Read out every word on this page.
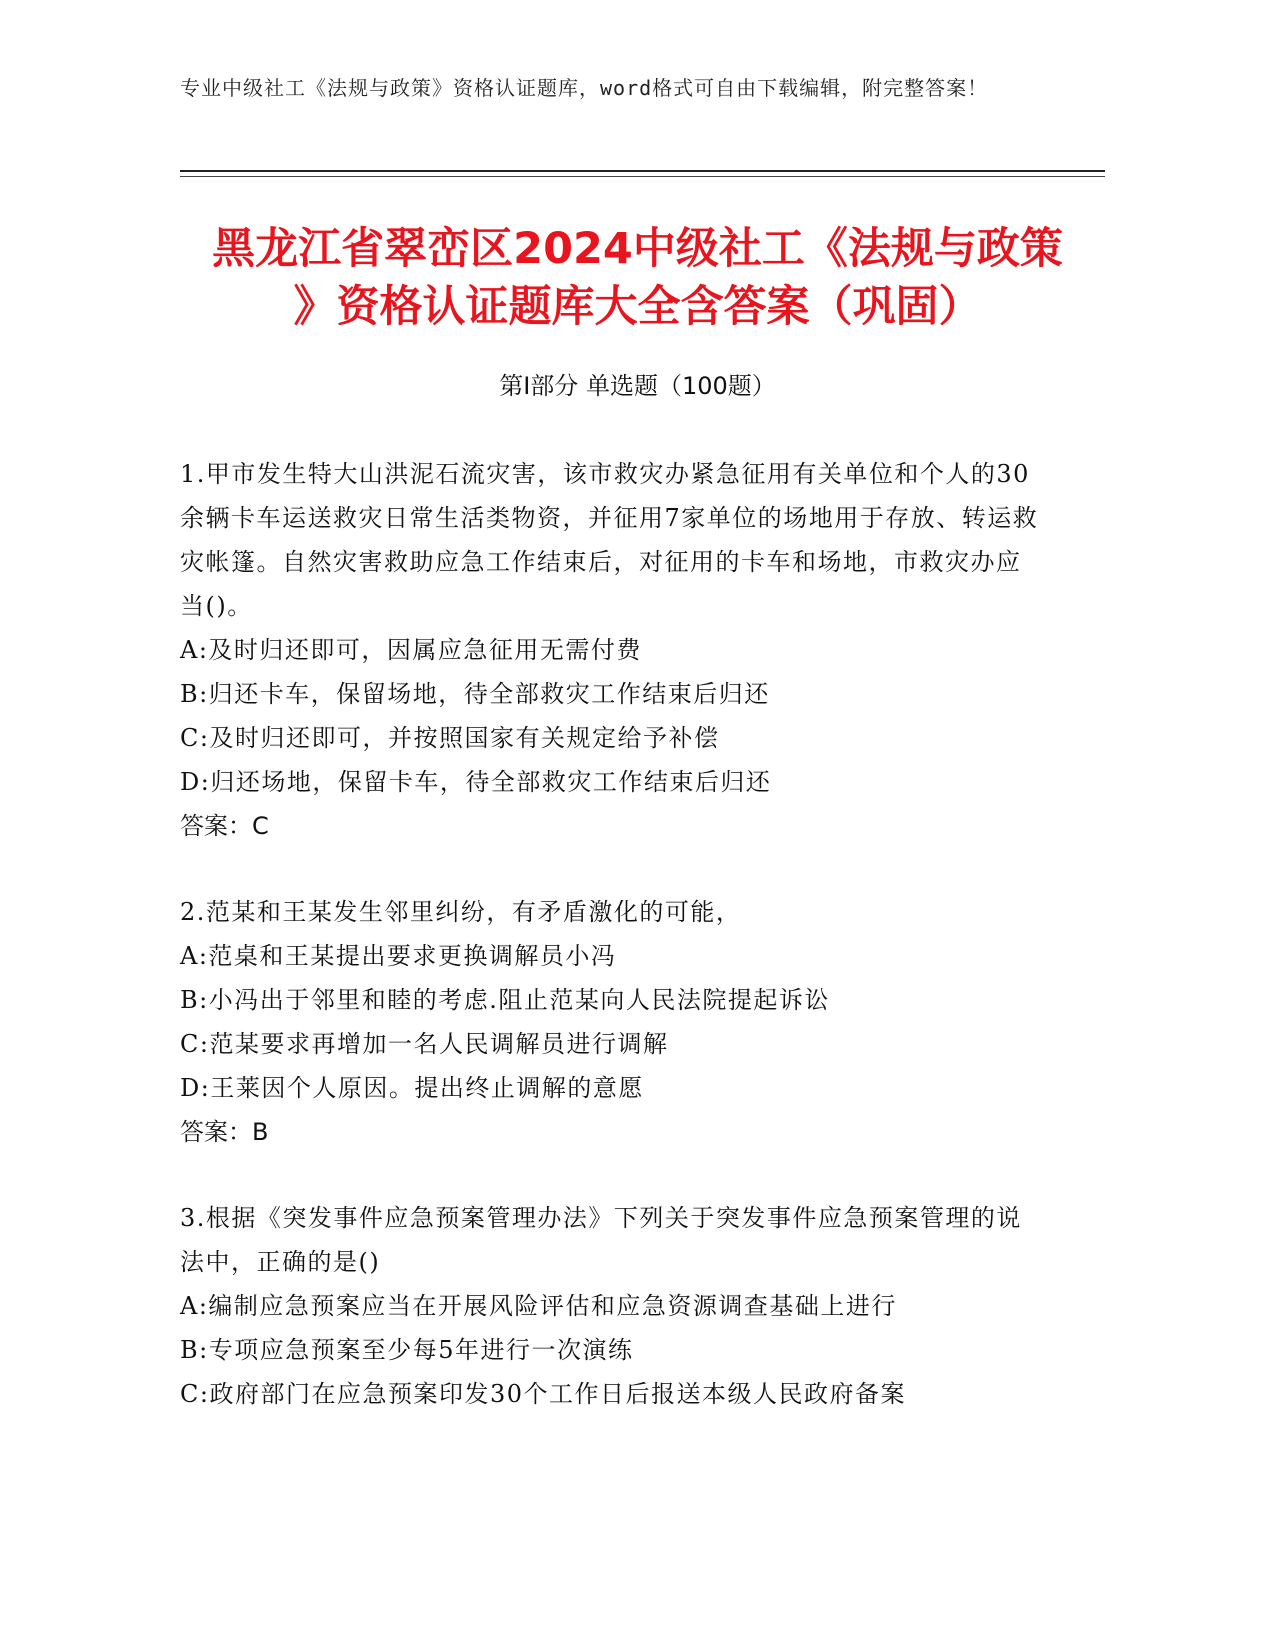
专业中级社工《法规与政策》资格认证题库，word格式可自由下载编辑，附完整答案！
黑龙江省翠峦区2024中级社工《法规与政策
》资格认证题库大全含答案（巩固）
第Ⅰ部分 单选题（100题）
1.甲市发生特大山洪泥石流灾害，该市救灾办紧急征用有关单位和个人的30余辆卡车运送救灾日常生活类物资，并征用7家单位的场地用于存放、转运救灾帐篷。自然灾害救助应急工作结束后，对征用的卡车和场地，市救灾办应当()。
A:及时归还即可，因属应急征用无需付费
B:归还卡车，保留场地，待全部救灾工作结束后归还
C:及时归还即可，并按照国家有关规定给予补偿
D:归还场地，保留卡车，待全部救灾工作结束后归还
答案：C
2.范某和王某发生邻里纠纷，有矛盾激化的可能，
A:范桌和王某提出要求更换调解员小冯
B:小冯出于邻里和睦的考虑.阻止范某向人民法院提起诉讼
C:范某要求再增加一名人民调解员进行调解
D:王莱因个人原因。提出终止调解的意愿
答案：B
3.根据《突发事件应急预案管理办法》下列关于突发事件应急预案管理的说法中，正确的是()
A:编制应急预案应当在开展风险评估和应急资源调查基础上进行
B:专项应急预案至少每5年进行一次演练
C:政府部门在应急预案印发30个工作日后报送本级人民政府备案
